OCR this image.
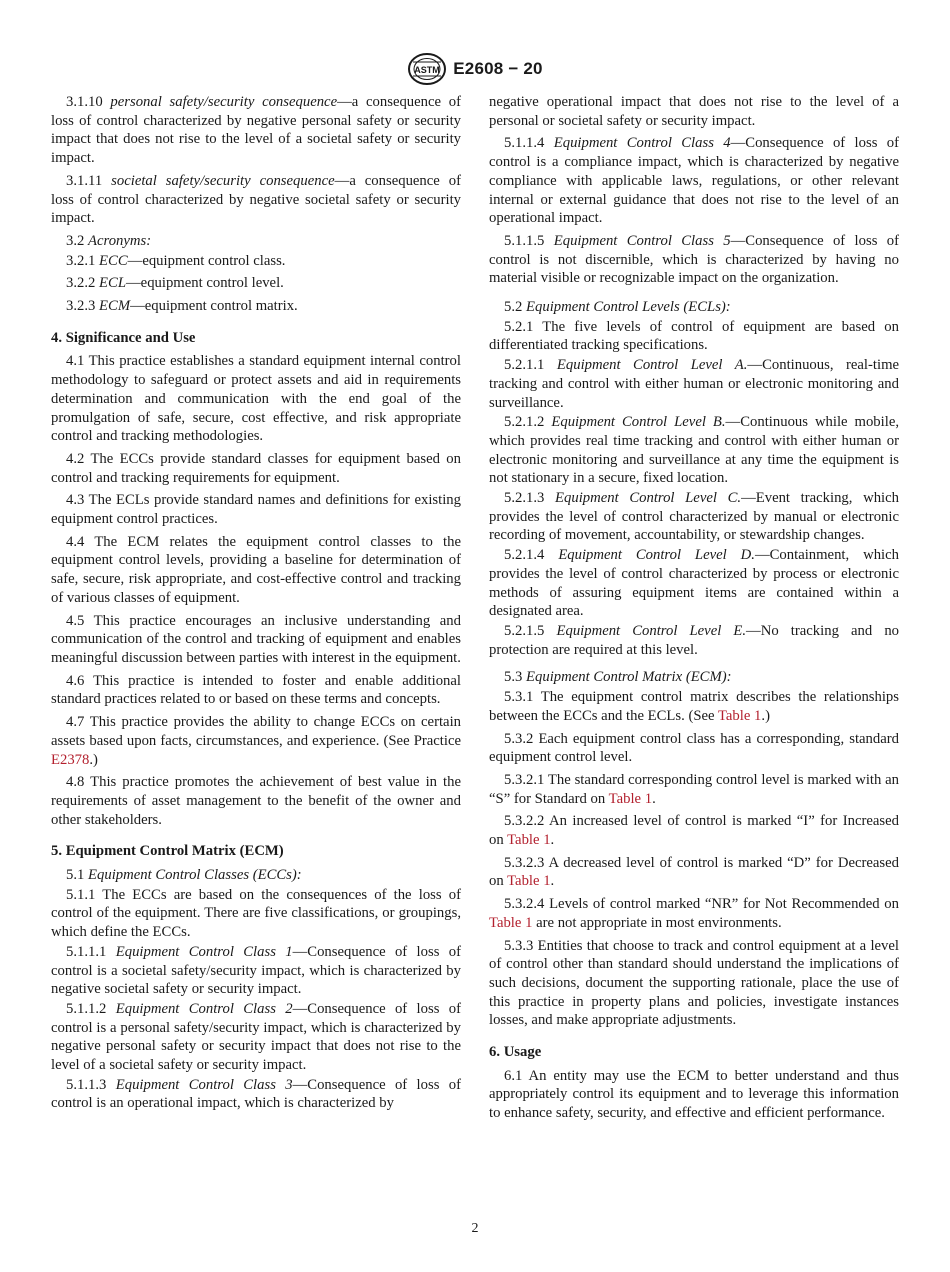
ASTM E2608 − 20

3.1.10 personal safety/security consequence—a consequence of loss of control characterized by negative personal safety or security impact that does not rise to the level of a societal safety or security impact.

3.1.11 societal safety/security consequence—a consequence of loss of control characterized by negative societal safety or security impact.

3.2 Acronyms:

3.2.1 ECC—equipment control class.

3.2.2 ECL—equipment control level.

3.2.3 ECM—equipment control matrix.

4. Significance and Use

4.1 This practice establishes a standard equipment internal control methodology to safeguard or protect assets and aid in requirements determination and communication with the end goal of the promulgation of safe, secure, cost effective, and risk appropriate control and tracking methodologies.

4.2 The ECCs provide standard classes for equipment based on control and tracking requirements for equipment.

4.3 The ECLs provide standard names and definitions for existing equipment control practices.

4.4 The ECM relates the equipment control classes to the equipment control levels, providing a baseline for determination of safe, secure, risk appropriate, and cost-effective control and tracking of various classes of equipment.

4.5 This practice encourages an inclusive understanding and communication of the control and tracking of equipment and enables meaningful discussion between parties with interest in the equipment.

4.6 This practice is intended to foster and enable additional standard practices related to or based on these terms and concepts.

4.7 This practice provides the ability to change ECCs on certain assets based upon facts, circumstances, and experience. (See Practice E2378.)

4.8 This practice promotes the achievement of best value in the requirements of asset management to the benefit of the owner and other stakeholders.

5. Equipment Control Matrix (ECM)

5.1 Equipment Control Classes (ECCs):

5.1.1 The ECCs are based on the consequences of the loss of control of the equipment. There are five classifications, or groupings, which define the ECCs.

5.1.1.1 Equipment Control Class 1—Consequence of loss of control is a societal safety/security impact, which is characterized by negative societal safety or security impact.

5.1.1.2 Equipment Control Class 2—Consequence of loss of control is a personal safety/security impact, which is characterized by negative personal safety or security impact that does not rise to the level of a societal safety or security impact.

5.1.1.3 Equipment Control Class 3—Consequence of loss of control is an operational impact, which is characterized by

negative operational impact that does not rise to the level of a personal or societal safety or security impact.

5.1.1.4 Equipment Control Class 4—Consequence of loss of control is a compliance impact, which is characterized by negative compliance with applicable laws, regulations, or other relevant internal or external guidance that does not rise to the level of an operational impact.

5.1.1.5 Equipment Control Class 5—Consequence of loss of control is not discernible, which is characterized by having no material visible or recognizable impact on the organization.

5.2 Equipment Control Levels (ECLs):

5.2.1 The five levels of control of equipment are based on differentiated tracking specifications.

5.2.1.1 Equipment Control Level A.—Continuous, real-time tracking and control with either human or electronic monitoring and surveillance.

5.2.1.2 Equipment Control Level B.—Continuous while mobile, which provides real time tracking and control with either human or electronic monitoring and surveillance at any time the equipment is not stationary in a secure, fixed location.

5.2.1.3 Equipment Control Level C.—Event tracking, which provides the level of control characterized by manual or electronic recording of movement, accountability, or stewardship changes.

5.2.1.4 Equipment Control Level D.—Containment, which provides the level of control characterized by process or electronic methods of assuring equipment items are contained within a designated area.

5.2.1.5 Equipment Control Level E.—No tracking and no protection are required at this level.

5.3 Equipment Control Matrix (ECM):

5.3.1 The equipment control matrix describes the relationships between the ECCs and the ECLs. (See Table 1.)

5.3.2 Each equipment control class has a corresponding, standard equipment control level.

5.3.2.1 The standard corresponding control level is marked with an “S” for Standard on Table 1.

5.3.2.2 An increased level of control is marked “I” for Increased on Table 1.

5.3.2.3 A decreased level of control is marked “D” for Decreased on Table 1.

5.3.2.4 Levels of control marked “NR” for Not Recommended on Table 1 are not appropriate in most environments.

5.3.3 Entities that choose to track and control equipment at a level of control other than standard should understand the implications of such decisions, document the supporting rationale, place the use of this practice in property plans and policies, investigate instances losses, and make appropriate adjustments.

6. Usage

6.1 An entity may use the ECM to better understand and thus appropriately control its equipment and to leverage this information to enhance safety, security, and effective and efficient performance.

2
